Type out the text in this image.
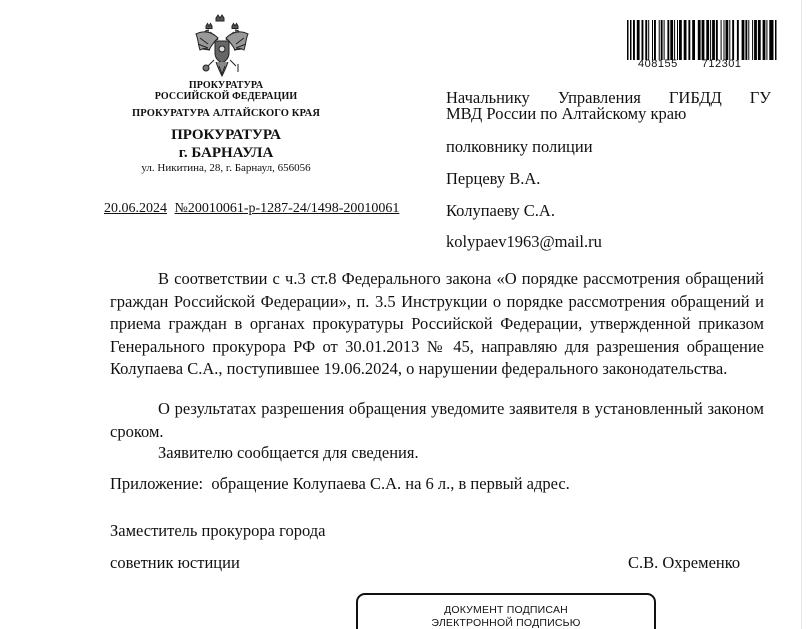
ПРОКУРАТУРА
РОССИЙСКОЙ ФЕДЕРАЦИИ
ПРОКУРАТУРА АЛТАЙСКОГО КРАЯ
ПРОКУРАТУРА
г. БАРНАУЛА
ул. Никитина, 28, г. Барнаул, 656056
20.06.2024 №20010061-р-1287-24/1498-20010061
408155 712301
Начальнику Управления ГИБДД ГУ
МВД России по Алтайскому краю
полковнику полиции
Перцеву В.А.
Колупаеву С.А.
kolypaev1963@mail.ru
В соответствии с ч.3 ст.8 Федерального закона «О порядке рассмотрения обращений граждан Российской Федерации», п. 3.5 Инструкции о порядке рассмотрения обращений и приема граждан в органах прокуратуры Российской Федерации, утвержденной приказом Генерального прокурора РФ от 30.01.2013 № 45, направляю для разрешения обращение Колупаева С.А., поступившее 19.06.2024, о нарушении федерального законодательства.
О результатах разрешения обращения уведомите заявителя в установленный законом сроком.
Заявителю сообщается для сведения.
Приложение:  обращение Колупаева С.А. на 6 л., в первый адрес.
Заместитель прокурора города
советник юстиции	С.В. Охременко
ДОКУМЕНТ ПОДПИСАН
ЭЛЕКТРОННОЙ ПОДПИСЬЮ
